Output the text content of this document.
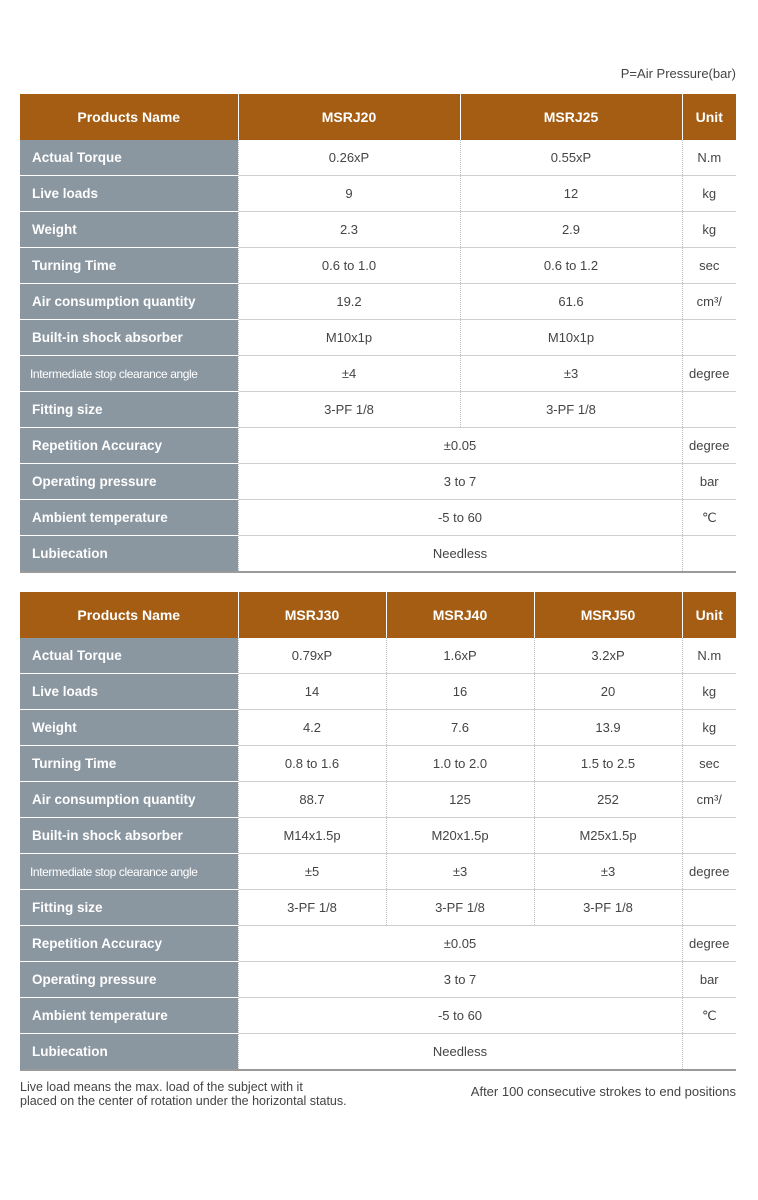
P=Air Pressure(bar)
Products Name	MSRJ20	MSRJ25	Unit
Actual Torque	0.26xP	0.55xP	N.m
Live loads	9	12	kg
Weight	2.3	2.9	kg
Turning Time	0.6 to 1.0	0.6 to 1.2	sec
Air consumption quantity	19.2	61.6	cm³/
Built-in shock absorber	M10x1p	M10x1p	
Intermediate stop clearance angle	±4	±3	degree
Fitting size	3-PF 1/8	3-PF 1/8	
Repetition Accuracy	±0.05		degree
Operating pressure	3 to 7		bar
Ambient temperature	-5 to 60		℃
Lubiecation	Needless		
Products Name	MSRJ30	MSRJ40	MSRJ50	Unit
Actual Torque	0.79xP	1.6xP	3.2xP	N.m
Live loads	14	16	20	kg
Weight	4.2	7.6	13.9	kg
Turning Time	0.8 to 1.6	1.0 to 2.0	1.5 to 2.5	sec
Air consumption quantity	88.7	125	252	cm³/
Built-in shock absorber	M14x1.5p	M20x1.5p	M25x1.5p	
Intermediate stop clearance angle	±5	±3	±3	degree
Fitting size	3-PF 1/8	3-PF 1/8	3-PF 1/8	
Repetition Accuracy	±0.05			degree
Operating pressure	3 to 7			bar
Ambient temperature	-5 to 60			℃
Lubiecation	Needless			
Live load means the max. load of the subject with it
placed on the center of rotation under the horizontal status.
After 100 consecutive strokes to end positions
